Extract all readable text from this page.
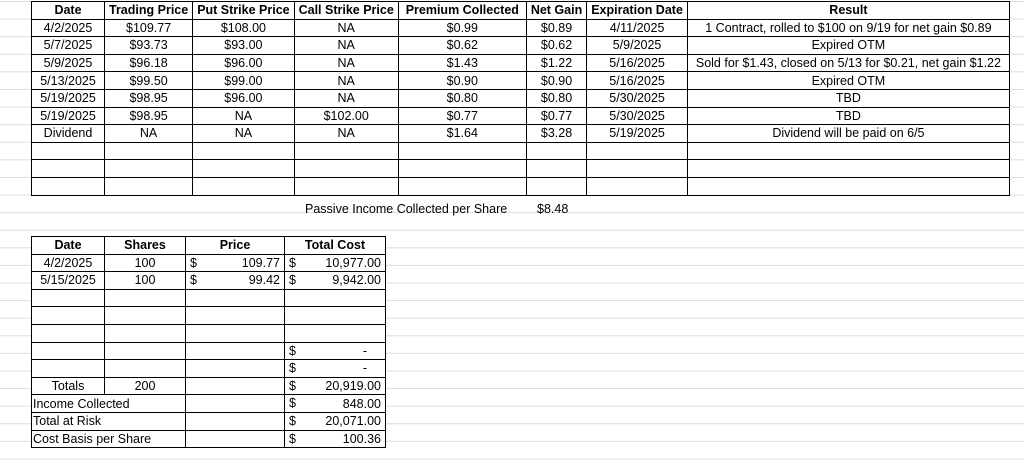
Date	Trading Price	Put Strike Price	Call Strike Price	Premium Collected	Net Gain	Expiration Date	Result
4/2/2025	$109.77	$108.00	NA	$0.99	$0.89	4/11/2025	1 Contract, rolled to $100 on 9/19 for net gain $0.89
5/7/2025	$93.73	$93.00	NA	$0.62	$0.62	5/9/2025	Expired OTM
5/9/2025	$96.18	$96.00	NA	$1.43	$1.22	5/16/2025	Sold for $1.43, closed on 5/13 for $0.21, net gain $1.22
5/13/2025	$99.50	$99.00	NA	$0.90	$0.90	5/16/2025	Expired OTM
5/19/2025	$98.95	$96.00	NA	$0.80	$0.80	5/30/2025	TBD
5/19/2025	$98.95	NA	$102.00	$0.77	$0.77	5/30/2025	TBD
Dividend	NA	NA	NA	$1.64	$3.28	5/19/2025	Dividend will be paid on 6/5

Passive Income Collected per Share $8.48
Date	Shares	Price	Total Cost
4/2/2025	100	$ 109.77	$ 10,977.00

5/15/2025	100	$ 99.42	$ 9,942.00

			$ -

			$ -

Totals	200		$ 20,919.00

Income Collected			$ 848.00

Total at Risk			$ 20,071.00

Cost Basis per Share			$ 100.36
